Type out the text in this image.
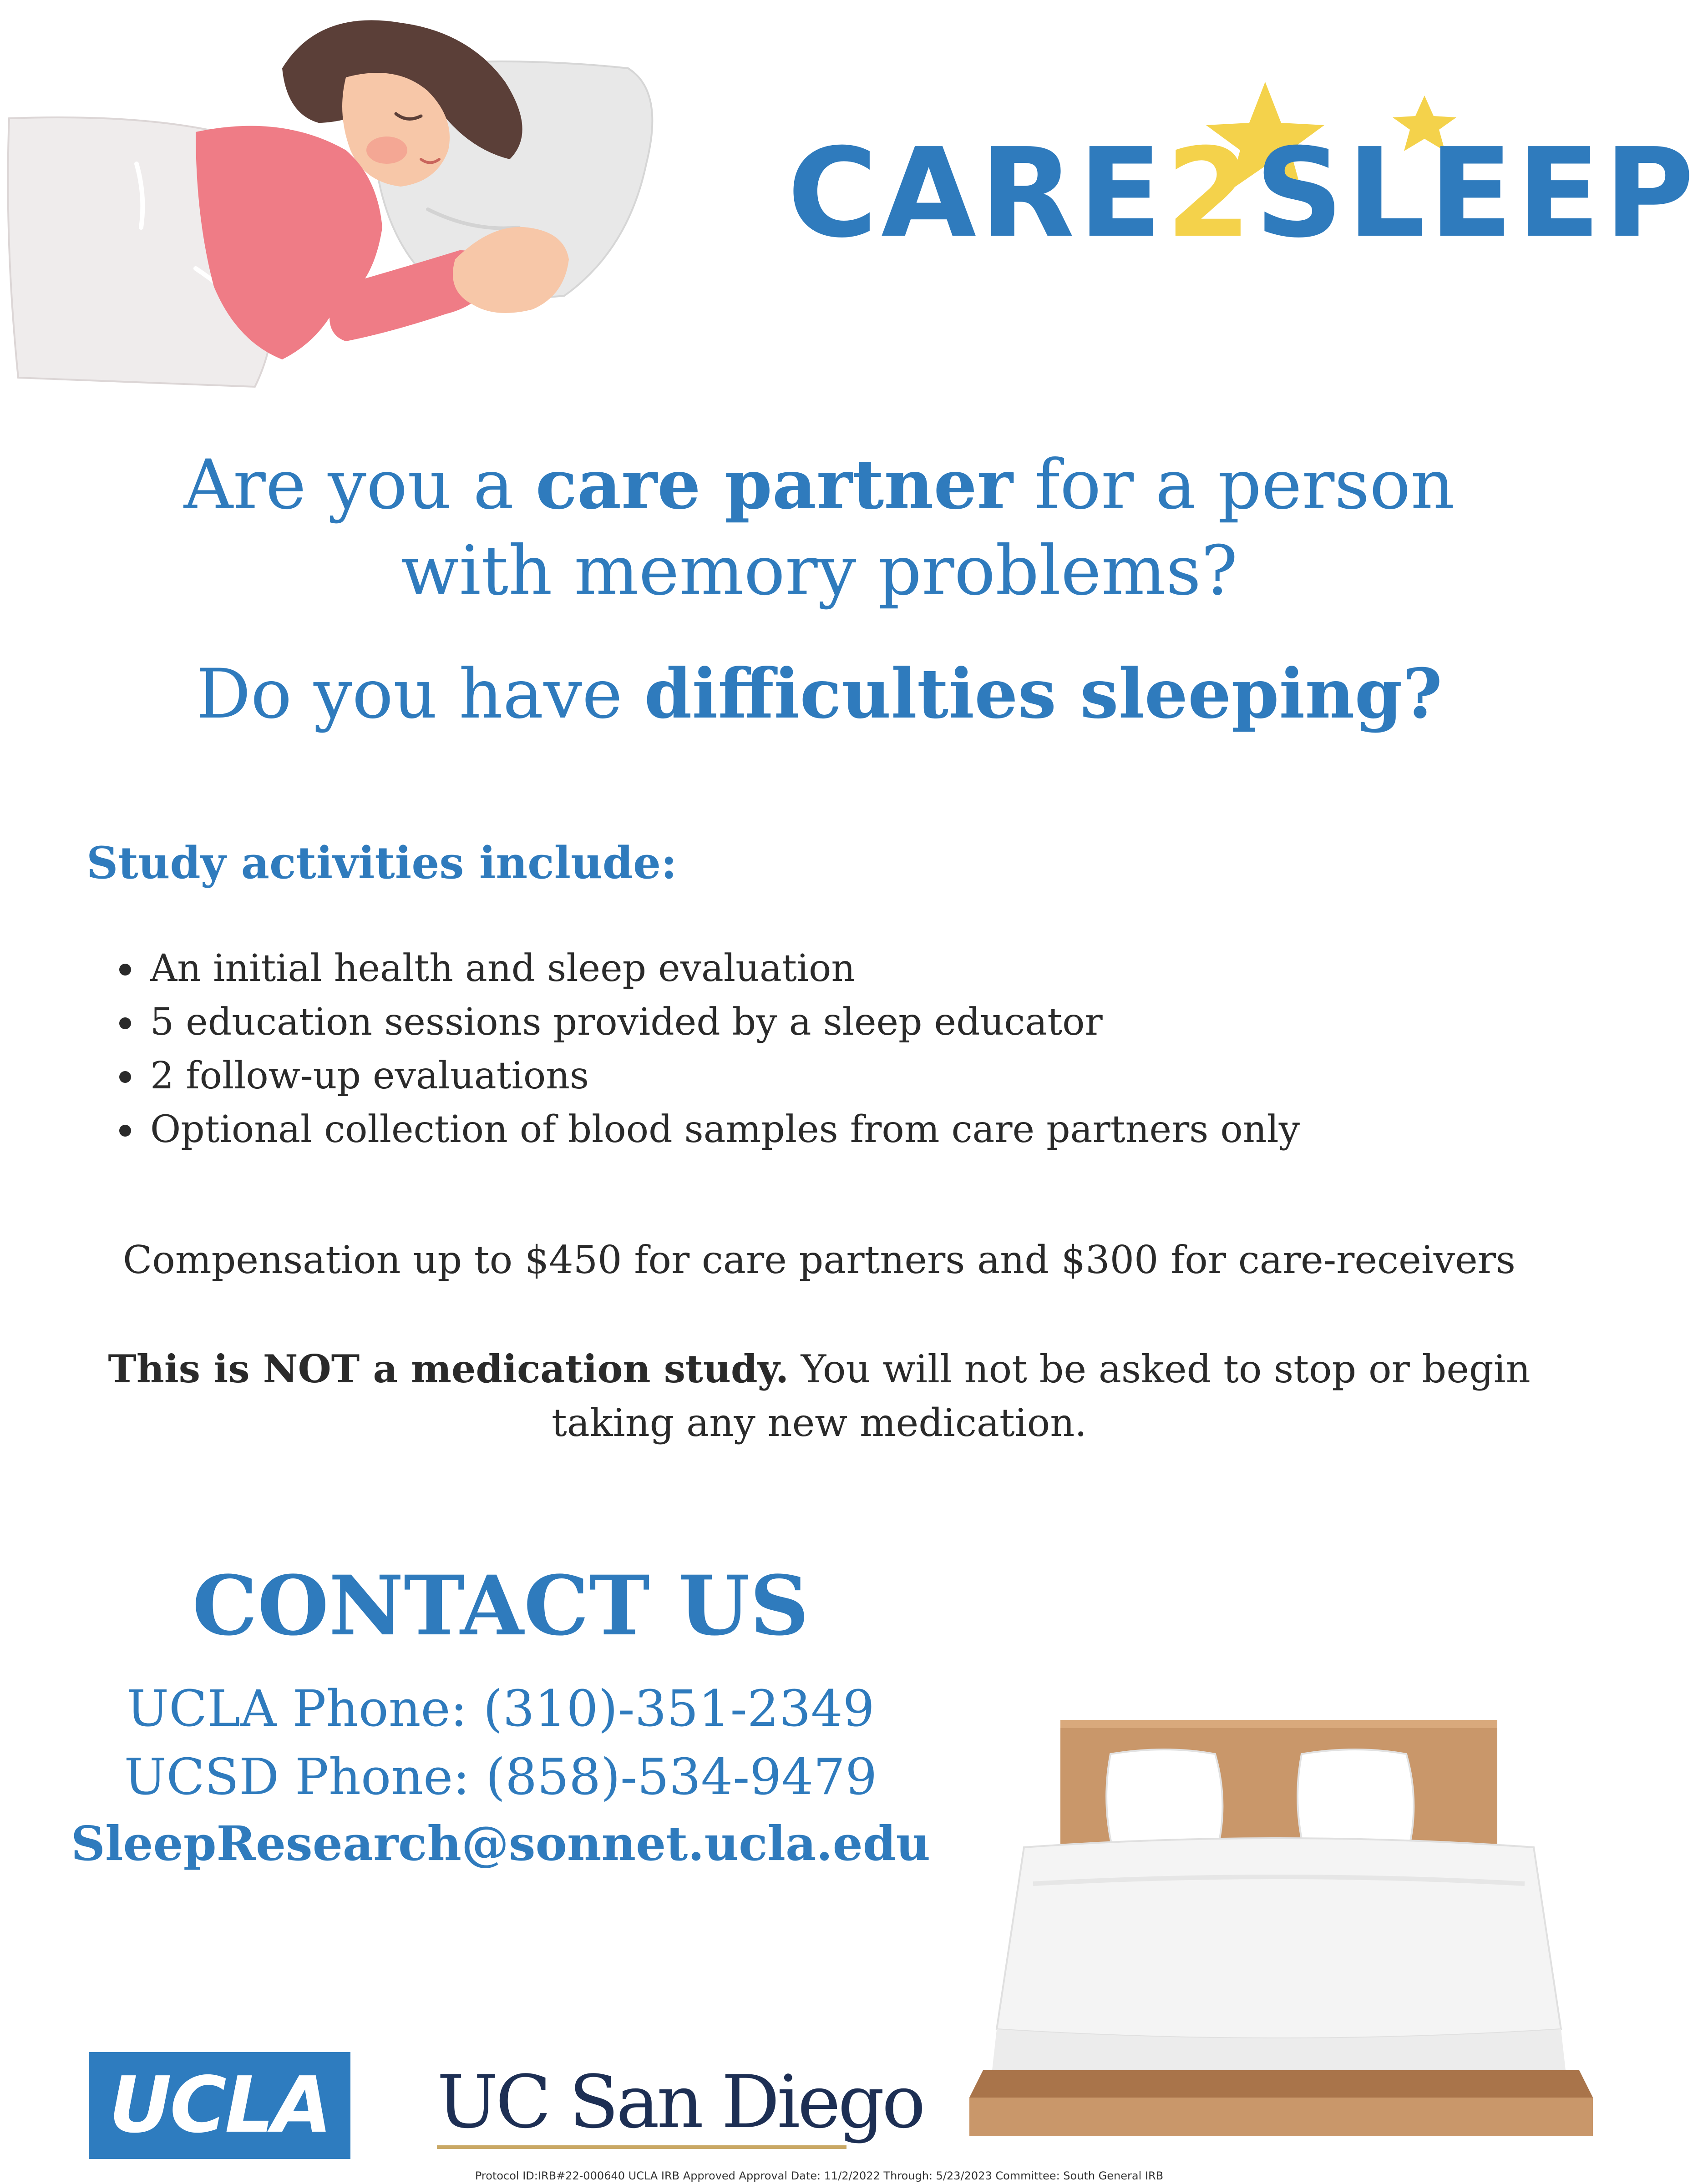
CARE2SLEEP
Are you a care partner for a person
with memory problems?
Do you have difficulties sleeping?
Study activities include:
An initial health and sleep evaluation
5 education sessions provided by a sleep educator
2 follow-up evaluations
Optional collection of blood samples from care partners only
Compensation up to $450 for care partners and $300 for care-receivers
This is NOT a medication study. You will not be asked to stop or begin taking any new medication.
CONTACT US
UCLA Phone: (310)-351-2349
UCSD Phone: (858)-534-9479
SleepResearch@sonnet.ucla.edu
UCLA UC San Diego
Protocol ID:IRB#22-000640 UCLA IRB Approved Approval Date: 11/2/2022 Through: 5/23/2023 Committee: South General IRB
